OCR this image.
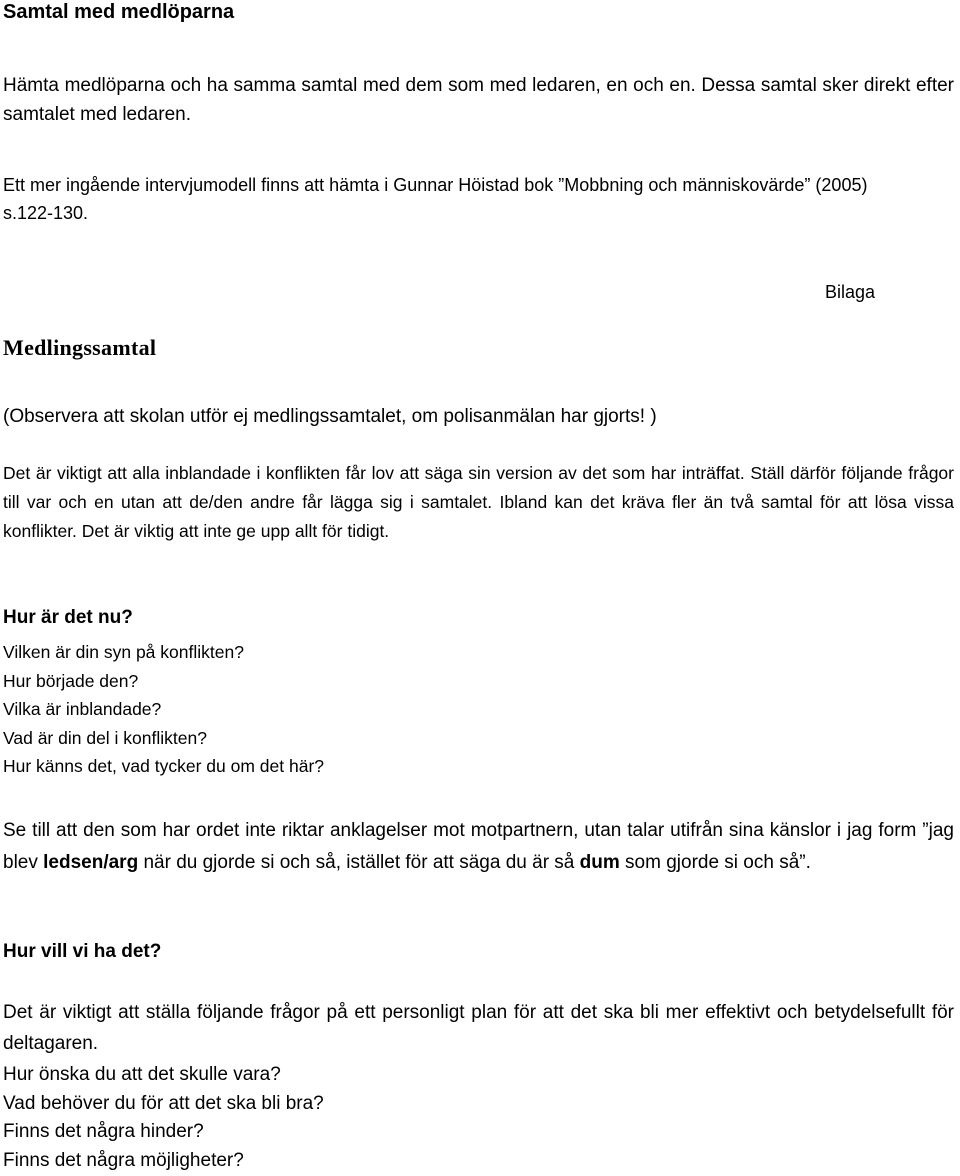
Samtal med medlöparna

Hämta medlöparna och ha samma samtal med dem som med ledaren, en och en. Dessa samtal sker direkt efter samtalet med ledaren.

Ett mer ingående intervjumodell finns att hämta i Gunnar Höistad bok ”Mobbning och människovärde” (2005)
s.122-130.

Bilaga

Medlingssamtal

(Observera att skolan utför ej medlingssamtalet, om polisanmälan har gjorts! )

Det är viktigt att alla inblandade i konflikten får lov att säga sin version av det som har inträffat. Ställ därför följande frågor till var och en utan att de/den andre får lägga sig i samtalet. Ibland kan det kräva fler än två samtal för att lösa vissa konflikter. Det är viktig att inte ge upp allt för tidigt.

Hur är det nu?
Vilken är din syn på konflikten?
Hur började den?
Vilka är inblandade?
Vad är din del i konflikten?
Hur känns det, vad tycker du om det här?

Se till att den som har ordet inte riktar anklagelser mot motpartnern, utan talar utifrån sina känslor i jag form ”jag blev ledsen/arg när du gjorde si och så, istället för att säga du är så dum som gjorde si och så”.

Hur vill vi ha det?

Det är viktigt att ställa följande frågor på ett personligt plan för att det ska bli mer effektivt och betydelsefullt för deltagaren.

Hur önska du att det skulle vara?
Vad behöver du för att det ska bli bra?
Finns det några hinder?
Finns det några möjligheter?
